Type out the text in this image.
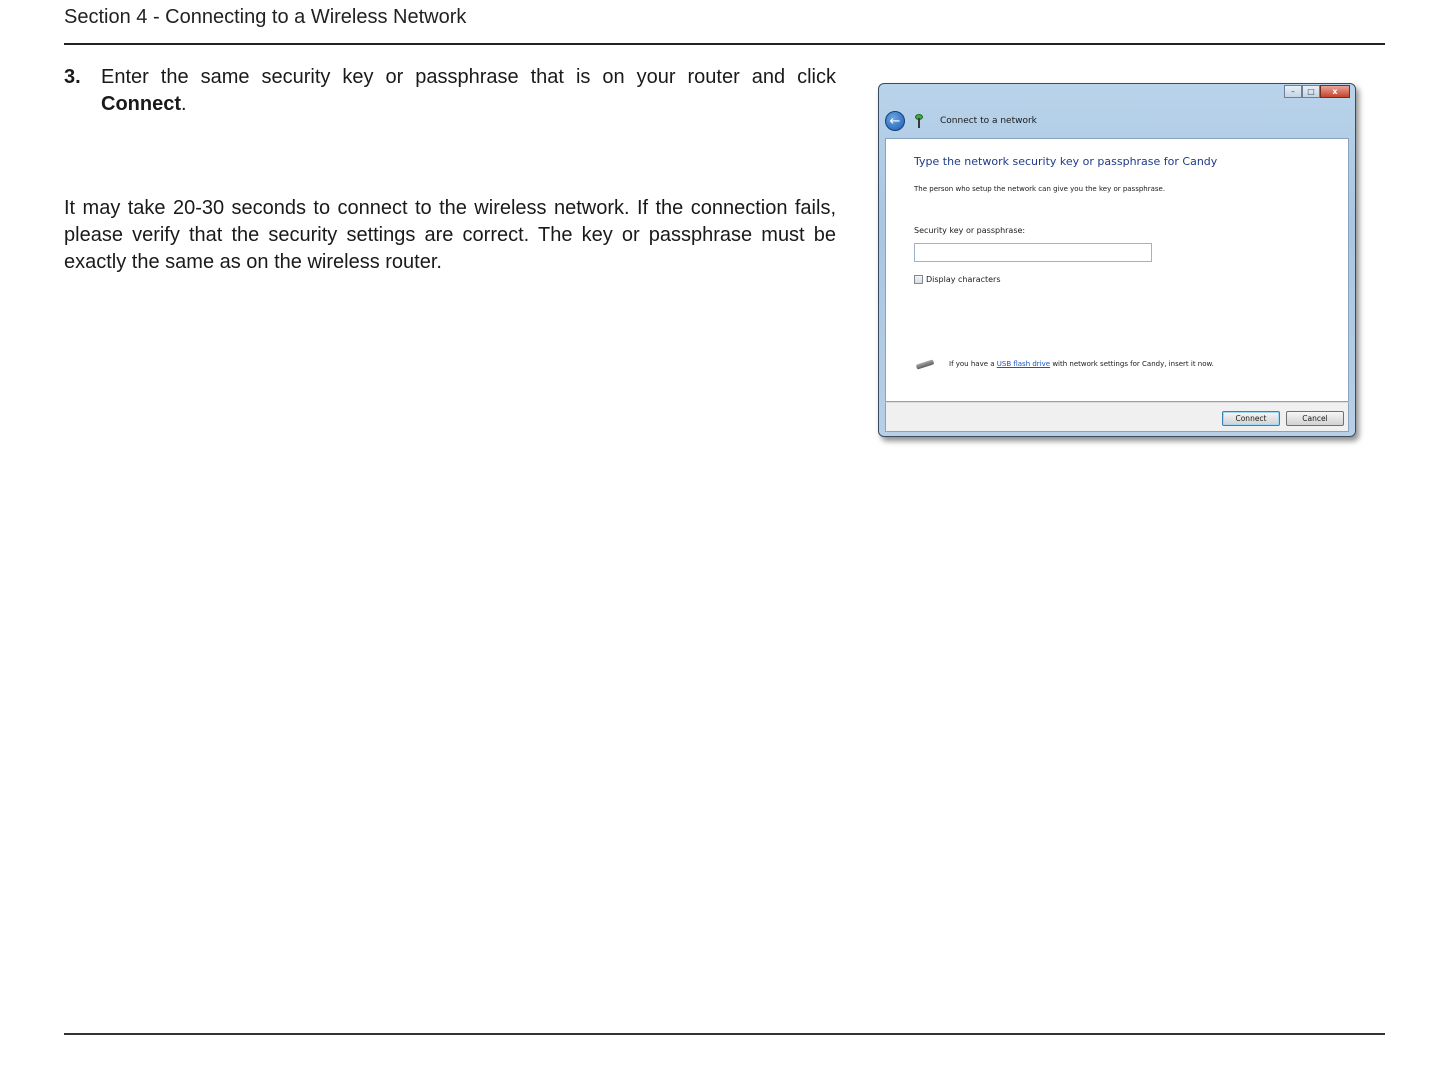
Section 4 - Connecting to a Wireless Network
3. Enter the same security key or passphrase that is on your router and click Connect.
It may take 20-30 seconds to connect to the wireless network. If the connection fails, please verify that the security settings are correct. The key or passphrase must be exactly the same as on the wireless router.
–	□	x
←	Connect to a network
Type the network security key or passphrase for Candy
The person who setup the network can give you the key or passphrase.
Security key or passphrase:
Display characters
If you have a USB flash drive with network settings for Candy, insert it now.
Connect	Cancel
